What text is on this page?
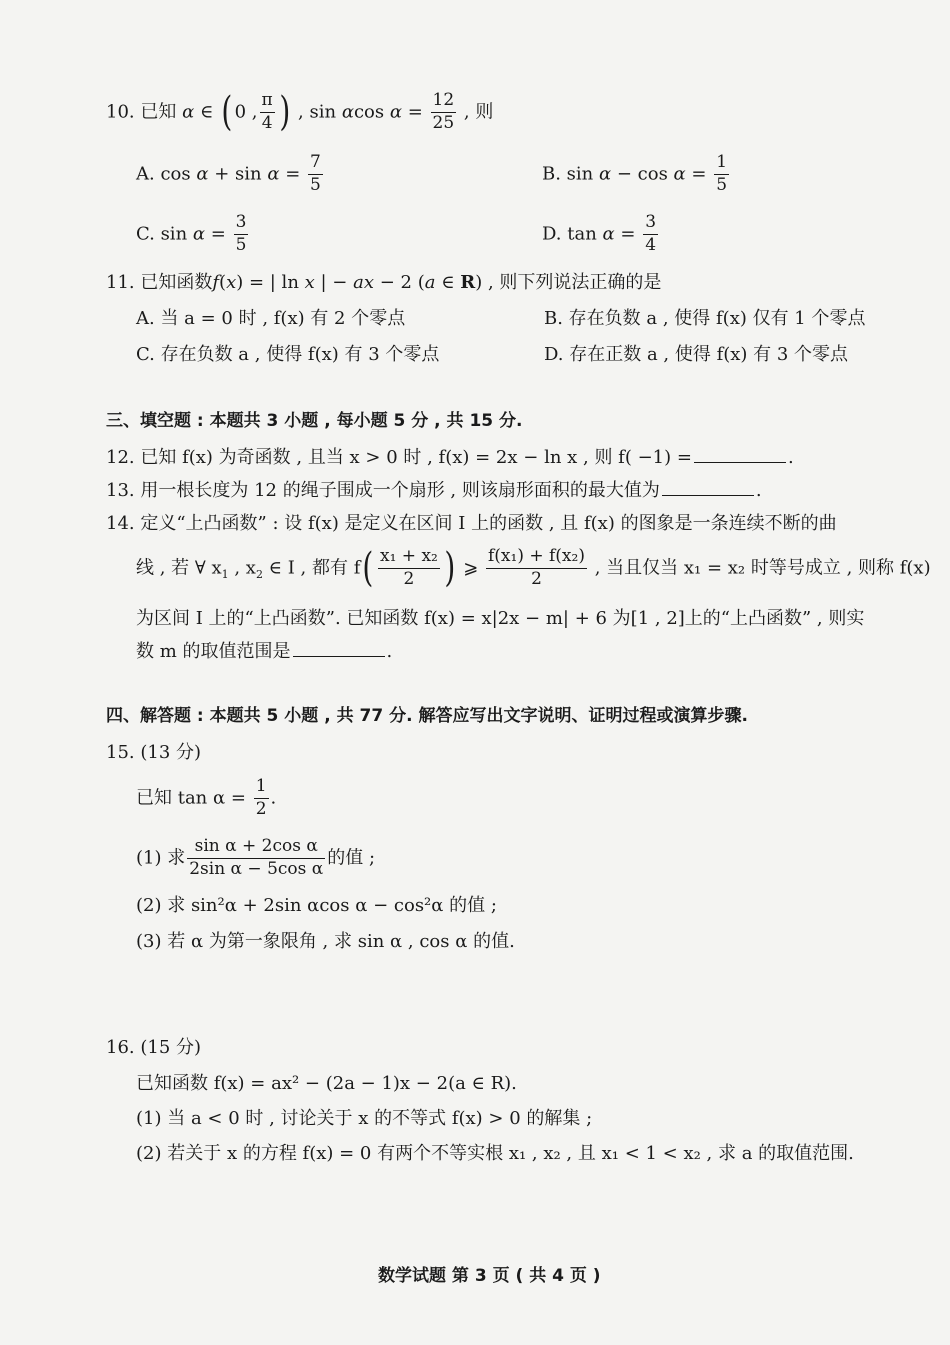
10. 已知 α ∈ ( 0 , $\frac{\pi}{4}$ ) , sin αcos $\alpha = \frac{12}{25}$ , 则
A. $\cos \alpha + \sin \alpha = \frac{7}{5}$	B. $\sin \alpha - \cos \alpha = \frac{1}{5}$
C. $\sin \alpha = \frac{3}{5}$	D. $\tan \alpha = \frac{3}{4}$
11. 已知函数f(x) = | ln x | − ax − 2 (a ∈ R) , 则下列说法正确的是
A. 当 a = 0 时 , f(x) 有 2 个零点	B. 存在负数 a , 使得 f(x) 仅有 1 个零点
C. 存在负数 a , 使得 f(x) 有 3 个零点	D. 存在正数 a , 使得 f(x) 有 3 个零点
三、填空题 : 本题共 3 小题 , 每小题 5 分 , 共 15 分.
12. 已知 f(x) 为奇函数 , 且当 x > 0 时 , f(x) = 2x − ln x , 则 f( −1) =	.
13. 用一根长度为 12 的绳子围成一个扇形 , 则该扇形面积的最大值为	.
14. 定义“上凸函数” : 设 f(x) 是定义在区间 I 上的函数 , 且 f(x) 的图象是一条连续不断的曲
线 , 若 ∀ $x_1$ , $x_2$ ∈ I , 都有 $f( \frac{\text{x₁ + x₂}}{2}$ ) ⩾ $\frac{\text{f(x₁) + f(x₂)}}{2}$ , 当且仅当 x₁ = x₂ 时等号成立 , 则称 f(x)
为区间 I 上的“上凸函数”. 已知函数 f(x) = x|2x − m| + 6 为[1 , 2]上的“上凸函数” , 则实
数 m 的取值范围是	.
四、解答题 : 本题共 5 小题 , 共 77 分. 解答应写出文字说明、证明过程或演算步骤.
15. (13 分)
已知 $\tan \alpha = \frac{1}{2}$ .
(1) 求 $\frac{\text{sin α + 2cos α}}{\text{2sin α − 5cos α}}$ 的值 ;
(2) 求 sin²α + 2sin αcos α − cos²α 的值 ;
(3) 若 α 为第一象限角 , 求 sin α , cos α 的值.
16. (15 分)
已知函数 f(x) = ax² − (2a − 1)x − 2(a ∈ R).
(1) 当 a < 0 时 , 讨论关于 x 的不等式 f(x) > 0 的解集 ;
(2) 若关于 x 的方程 f(x) = 0 有两个不等实根 x₁ , x₂ , 且 x₁ < 1 < x₂ , 求 a 的取值范围.
数学试题 第 3 页 ( 共 4 页 )
